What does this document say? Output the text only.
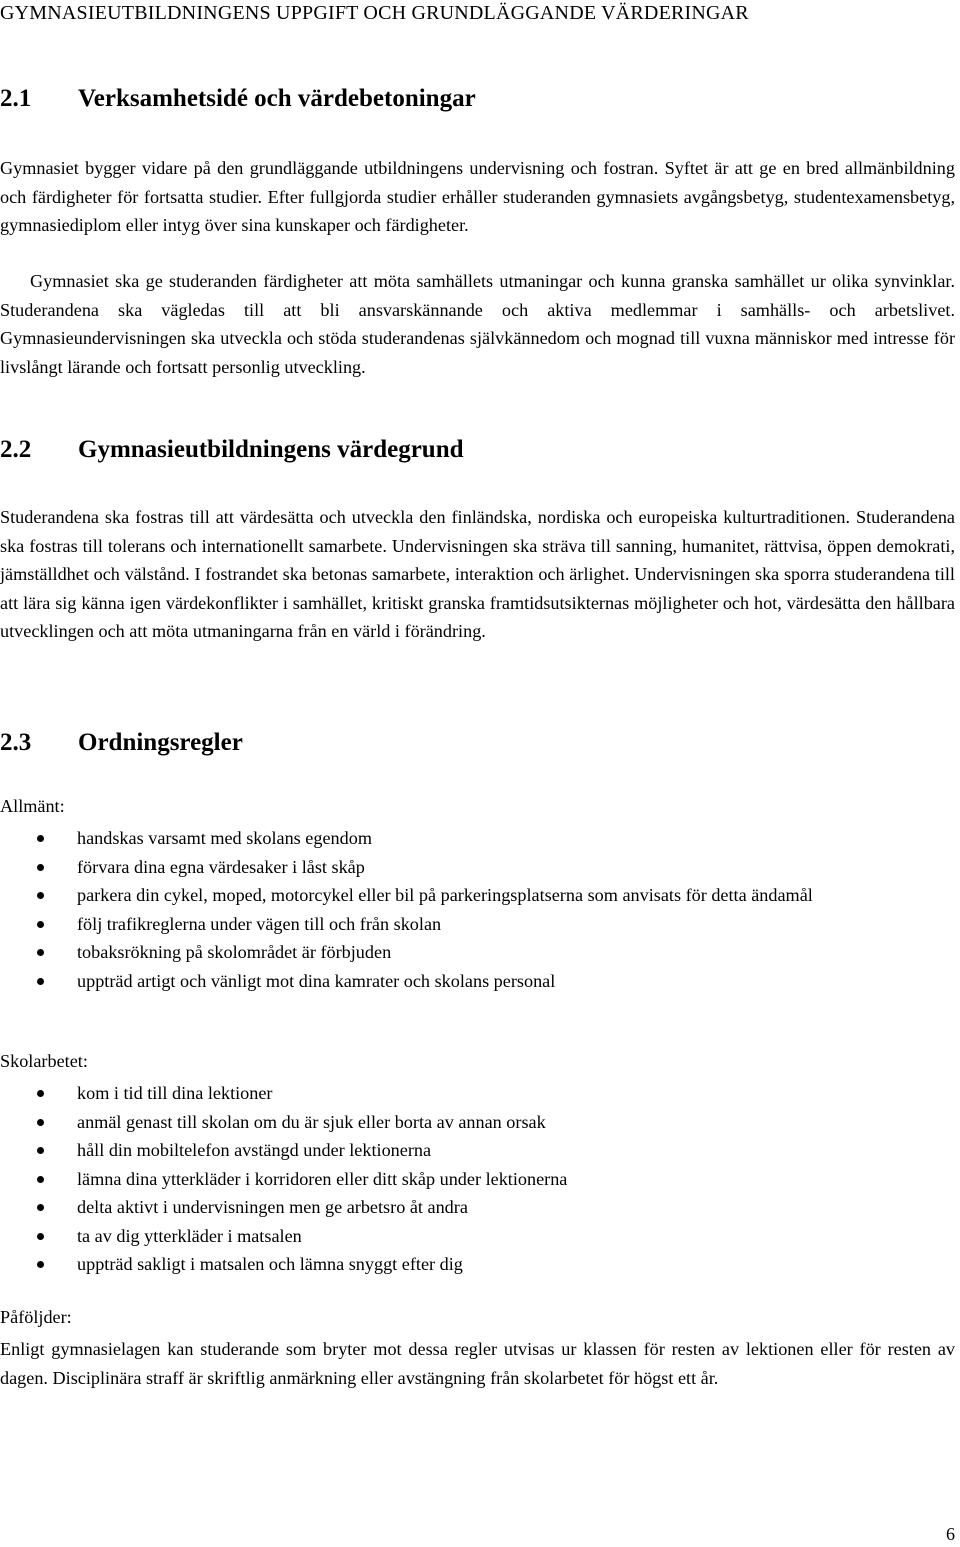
GYMNASIEUTBILDNINGENS UPPGIFT OCH GRUNDLÄGGANDE VÄRDERINGAR
2.1 Verksamhetsidé och värdebetoningar
Gymnasiet bygger vidare på den grundläggande utbildningens undervisning och fostran. Syftet är att ge en bred allmänbildning och färdigheter för fortsatta studier. Efter fullgjorda studier erhåller studeranden gymnasiets avgångsbetyg, studentexamensbetyg, gymnasiediplom eller intyg över sina kunskaper och färdigheter.
Gymnasiet ska ge studeranden färdigheter att möta samhällets utmaningar och kunna granska samhället ur olika synvinklar. Studerandena ska vägledas till att bli ansvarskännande och aktiva medlemmar i samhälls- och arbetslivet. Gymnasieundervisningen ska utveckla och stöda studerandenas självkännedom och mognad till vuxna människor med intresse för livslångt lärande och fortsatt personlig utveckling.
2.2 Gymnasieutbildningens värdegrund
Studerandena ska fostras till att värdesätta och utveckla den finländska, nordiska och europeiska kulturtraditionen. Studerandena ska fostras till tolerans och internationellt samarbete. Undervisningen ska sträva till sanning, humanitet, rättvisa, öppen demokrati, jämställdhet och välstånd. I fostrandet ska betonas samarbete, interaktion och ärlighet. Undervisningen ska sporra studerandena till att lära sig känna igen värdekonflikter i samhället, kritiskt granska framtidsutsikternas möjligheter och hot, värdesätta den hållbara utvecklingen och att möta utmaningarna från en värld i förändring.
2.3 Ordningsregler
Allmänt:
handskas varsamt med skolans egendom
förvara dina egna värdesaker i låst skåp
parkera din cykel, moped, motorcykel eller bil på parkeringsplatserna som anvisats för detta ändamål
följ trafikreglerna under vägen till och från skolan
tobaksrökning på skolområdet är förbjuden
uppträd artigt och vänligt mot dina kamrater och skolans personal
Skolarbetet:
kom i tid till dina lektioner
anmäl genast till skolan om du är sjuk eller borta av annan orsak
håll din mobiltelefon avstängd under lektionerna
lämna dina ytterkläder i korridoren eller ditt skåp under lektionerna
delta aktivt i undervisningen men ge arbetsro åt andra
ta av dig ytterkläder i matsalen
uppträd sakligt i matsalen och lämna snyggt efter dig
Påföljder:
Enligt gymnasielagen kan studerande som bryter mot dessa regler utvisas ur klassen för resten av lektionen eller för resten av dagen. Disciplinära straff är skriftlig anmärkning eller avstängning från skolarbetet för högst ett år.
6
